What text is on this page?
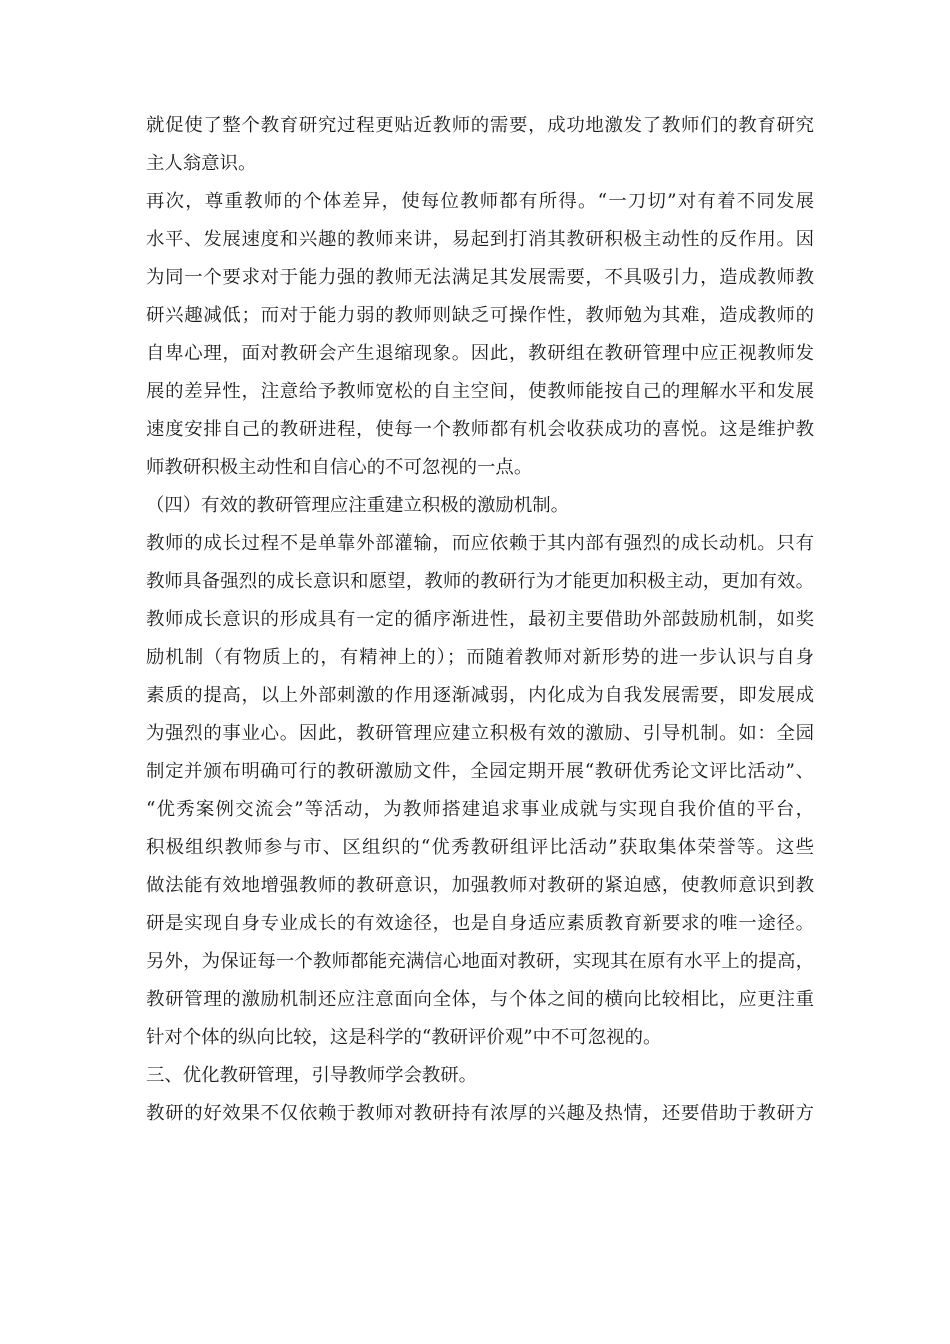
就促使了整个教育研究过程更贴近教师的需要，成功地激发了教师们的教育研究
主人翁意识。
再次，尊重教师的个体差异，使每位教师都有所得。“一刀切”对有着不同发展
水平、发展速度和兴趣的教师来讲，易起到打消其教研积极主动性的反作用。因
为同一个要求对于能力强的教师无法满足其发展需要，不具吸引力，造成教师教
研兴趣减低；而对于能力弱的教师则缺乏可操作性，教师勉为其难，造成教师的
自卑心理，面对教研会产生退缩现象。因此，教研组在教研管理中应正视教师发
展的差异性，注意给予教师宽松的自主空间，使教师能按自己的理解水平和发展
速度安排自己的教研进程，使每一个教师都有机会收获成功的喜悦。这是维护教
师教研积极主动性和自信心的不可忽视的一点。
（四）有效的教研管理应注重建立积极的激励机制。
教师的成长过程不是单靠外部灌输，而应依赖于其内部有强烈的成长动机。只有
教师具备强烈的成长意识和愿望，教师的教研行为才能更加积极主动，更加有效。
教师成长意识的形成具有一定的循序渐进性，最初主要借助外部鼓励机制，如奖
励机制（有物质上的，有精神上的）；而随着教师对新形势的进一步认识与自身
素质的提高，以上外部刺激的作用逐渐减弱，内化成为自我发展需要，即发展成
为强烈的事业心。因此，教研管理应建立积极有效的激励、引导机制。如：全园
制定并颁布明确可行的教研激励文件，全园定期开展“教研优秀论文评比活动”、
“优秀案例交流会”等活动，为教师搭建追求事业成就与实现自我价值的平台，
积极组织教师参与市、区组织的“优秀教研组评比活动”获取集体荣誉等。这些
做法能有效地增强教师的教研意识，加强教师对教研的紧迫感，使教师意识到教
研是实现自身专业成长的有效途径，也是自身适应素质教育新要求的唯一途径。
另外，为保证每一个教师都能充满信心地面对教研，实现其在原有水平上的提高，
教研管理的激励机制还应注意面向全体，与个体之间的横向比较相比，应更注重
针对个体的纵向比较，这是科学的“教研评价观”中不可忽视的。
三、优化教研管理，引导教师学会教研。
教研的好效果不仅依赖于教师对教研持有浓厚的兴趣及热情，还要借助于教研方
